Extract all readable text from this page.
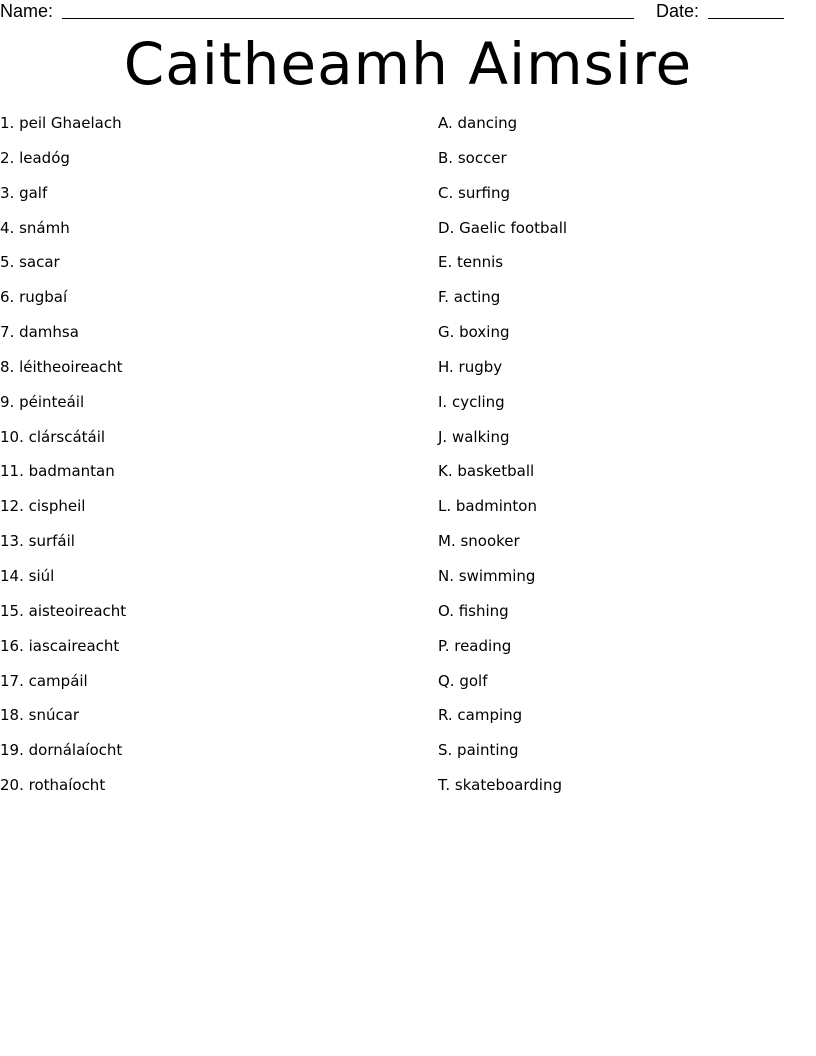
Name:	Date:
Caitheamh Aimsire
1. peil Ghaelach
2. leadóg
3. galf
4. snámh
5. sacar
6. rugbaí
7. damhsa
8. léitheoireacht
9. péinteáil
10. clárscátáil
11. badmantan
12. cispheil
13. surfáil
14. siúl
15. aisteoireacht
16. iascaireacht
17. campáil
18. snúcar
19. dornálaíocht
20. rothaíocht
A. dancing
B. soccer
C. surfing
D. Gaelic football
E. tennis
F. acting
G. boxing
H. rugby
I. cycling
J. walking
K. basketball
L. badminton
M. snooker
N. swimming
O. fishing
P. reading
Q. golf
R. camping
S. painting
T. skateboarding
